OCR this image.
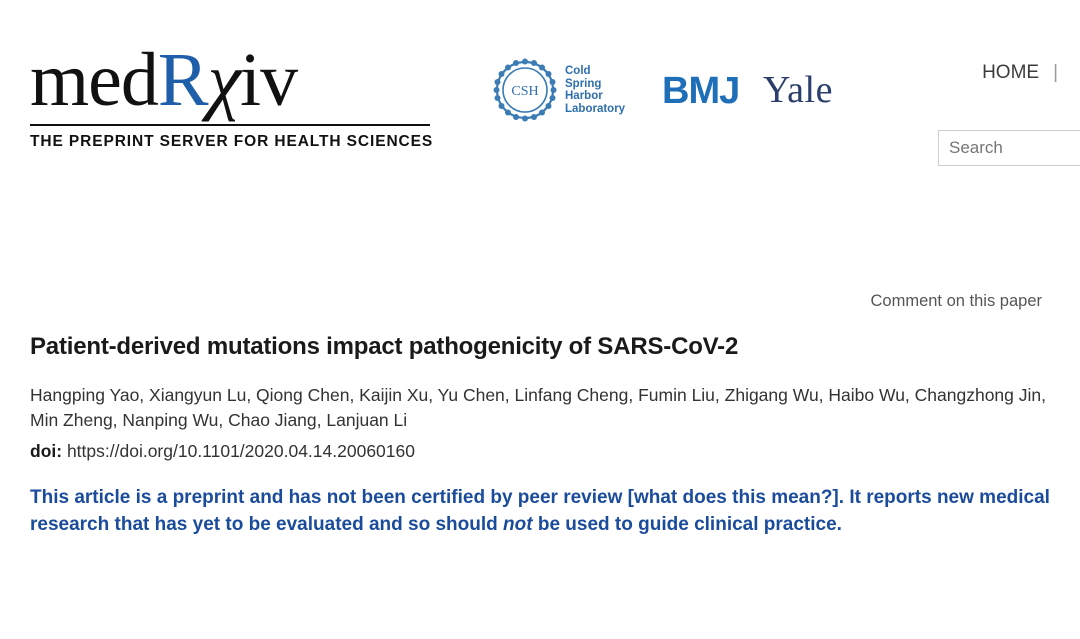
medRχiv
THE PREPRINT SERVER FOR HEALTH SCIENCES
CSH
Cold
Spring
Harbor
Laboratory BMJ Yale	HOME |
Search
Comment on this paper
Patient-derived mutations impact pathogenicity of SARS-CoV-2
Hangping Yao, Xiangyun Lu, Qiong Chen, Kaijin Xu, Yu Chen, Linfang Cheng, Fumin Liu, Zhigang Wu, Haibo Wu, Changzhong Jin, Min Zheng, Nanping Wu, Chao Jiang, Lanjuan Li
doi: https://doi.org/10.1101/2020.04.14.20060160
This article is a preprint and has not been certified by peer review [what does this mean?]. It reports new medical research that has yet to be evaluated and so should not be used to guide clinical practice.
